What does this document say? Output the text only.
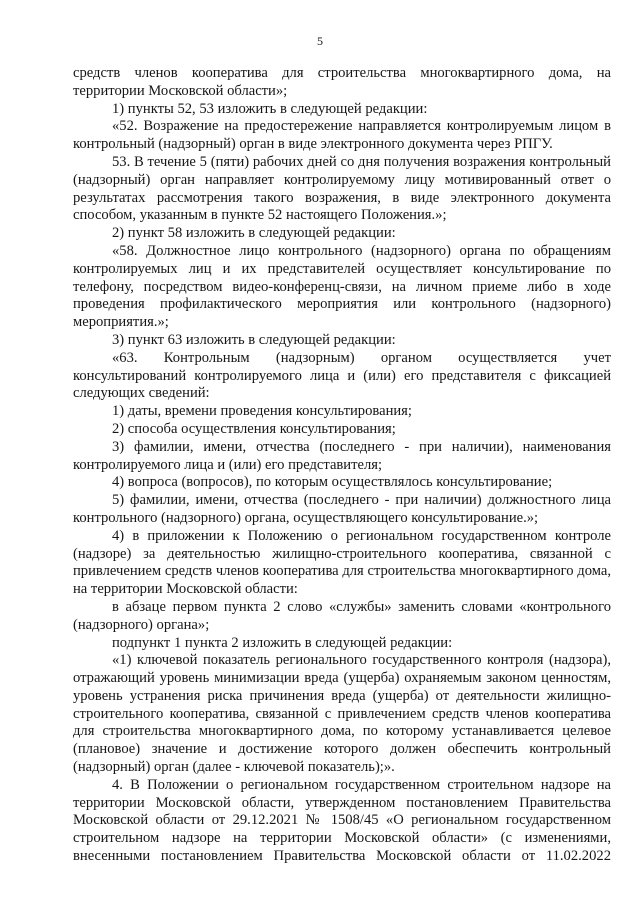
5

средств членов кооператива для строительства многоквартирного дома, на территории Московской области»;

1) пункты 52, 53 изложить в следующей редакции:

«52. Возражение на предостережение направляется контролируемым лицом в контрольный (надзорный) орган в виде электронного документа через РПГУ.

53. В течение 5 (пяти) рабочих дней со дня получения возражения контрольный (надзорный) орган направляет контролируемому лицу мотивированный ответ о результатах рассмотрения такого возражения, в виде электронного документа способом, указанным в пункте 52 настоящего Положения.»;

2) пункт 58 изложить в следующей редакции:

«58. Должностное лицо контрольного (надзорного) органа по обращениям контролируемых лиц и их представителей осуществляет консультирование по телефону, посредством видео-конференц-связи, на личном приеме либо в ходе проведения профилактического мероприятия или контрольного (надзорного) мероприятия.»;

3) пункт 63 изложить в следующей редакции:

«63. Контрольным (надзорным) органом осуществляется учет консультирований контролируемого лица и (или) его представителя с фиксацией следующих сведений:

1) даты, времени проведения консультирования;

2) способа осуществления консультирования;

3) фамилии, имени, отчества (последнего - при наличии), наименования контролируемого лица и (или) его представителя;

4) вопроса (вопросов), по которым осуществлялось консультирование;

5) фамилии, имени, отчества (последнего - при наличии) должностного лица контрольного (надзорного) органа, осуществляющего консультирование.»;

4) в приложении к Положению о региональном государственном контроле (надзоре) за деятельностью жилищно-строительного кооператива, связанной с привлечением средств членов кооператива для строительства многоквартирного дома, на территории Московской области:

в абзаце первом пункта 2 слово «службы» заменить словами «контрольного (надзорного) органа»;

подпункт 1 пункта 2 изложить в следующей редакции:

«1) ключевой показатель регионального государственного контроля (надзора), отражающий уровень минимизации вреда (ущерба) охраняемым законом ценностям, уровень устранения риска причинения вреда (ущерба) от деятельности жилищно-строительного кооператива, связанной с привлечением средств членов кооператива для строительства многоквартирного дома, по которому устанавливается целевое (плановое) значение и достижение которого должен обеспечить контрольный (надзорный) орган (далее - ключевой показатель);».

4. В Положении о региональном государственном строительном надзоре на территории Московской области, утвержденном постановлением Правительства Московской области от 29.12.2021 № 1508/45 «О региональном государственном строительном надзоре на территории Московской области» (с изменениями, внесенными постановлением Правительства Московской области от 11.02.2022
